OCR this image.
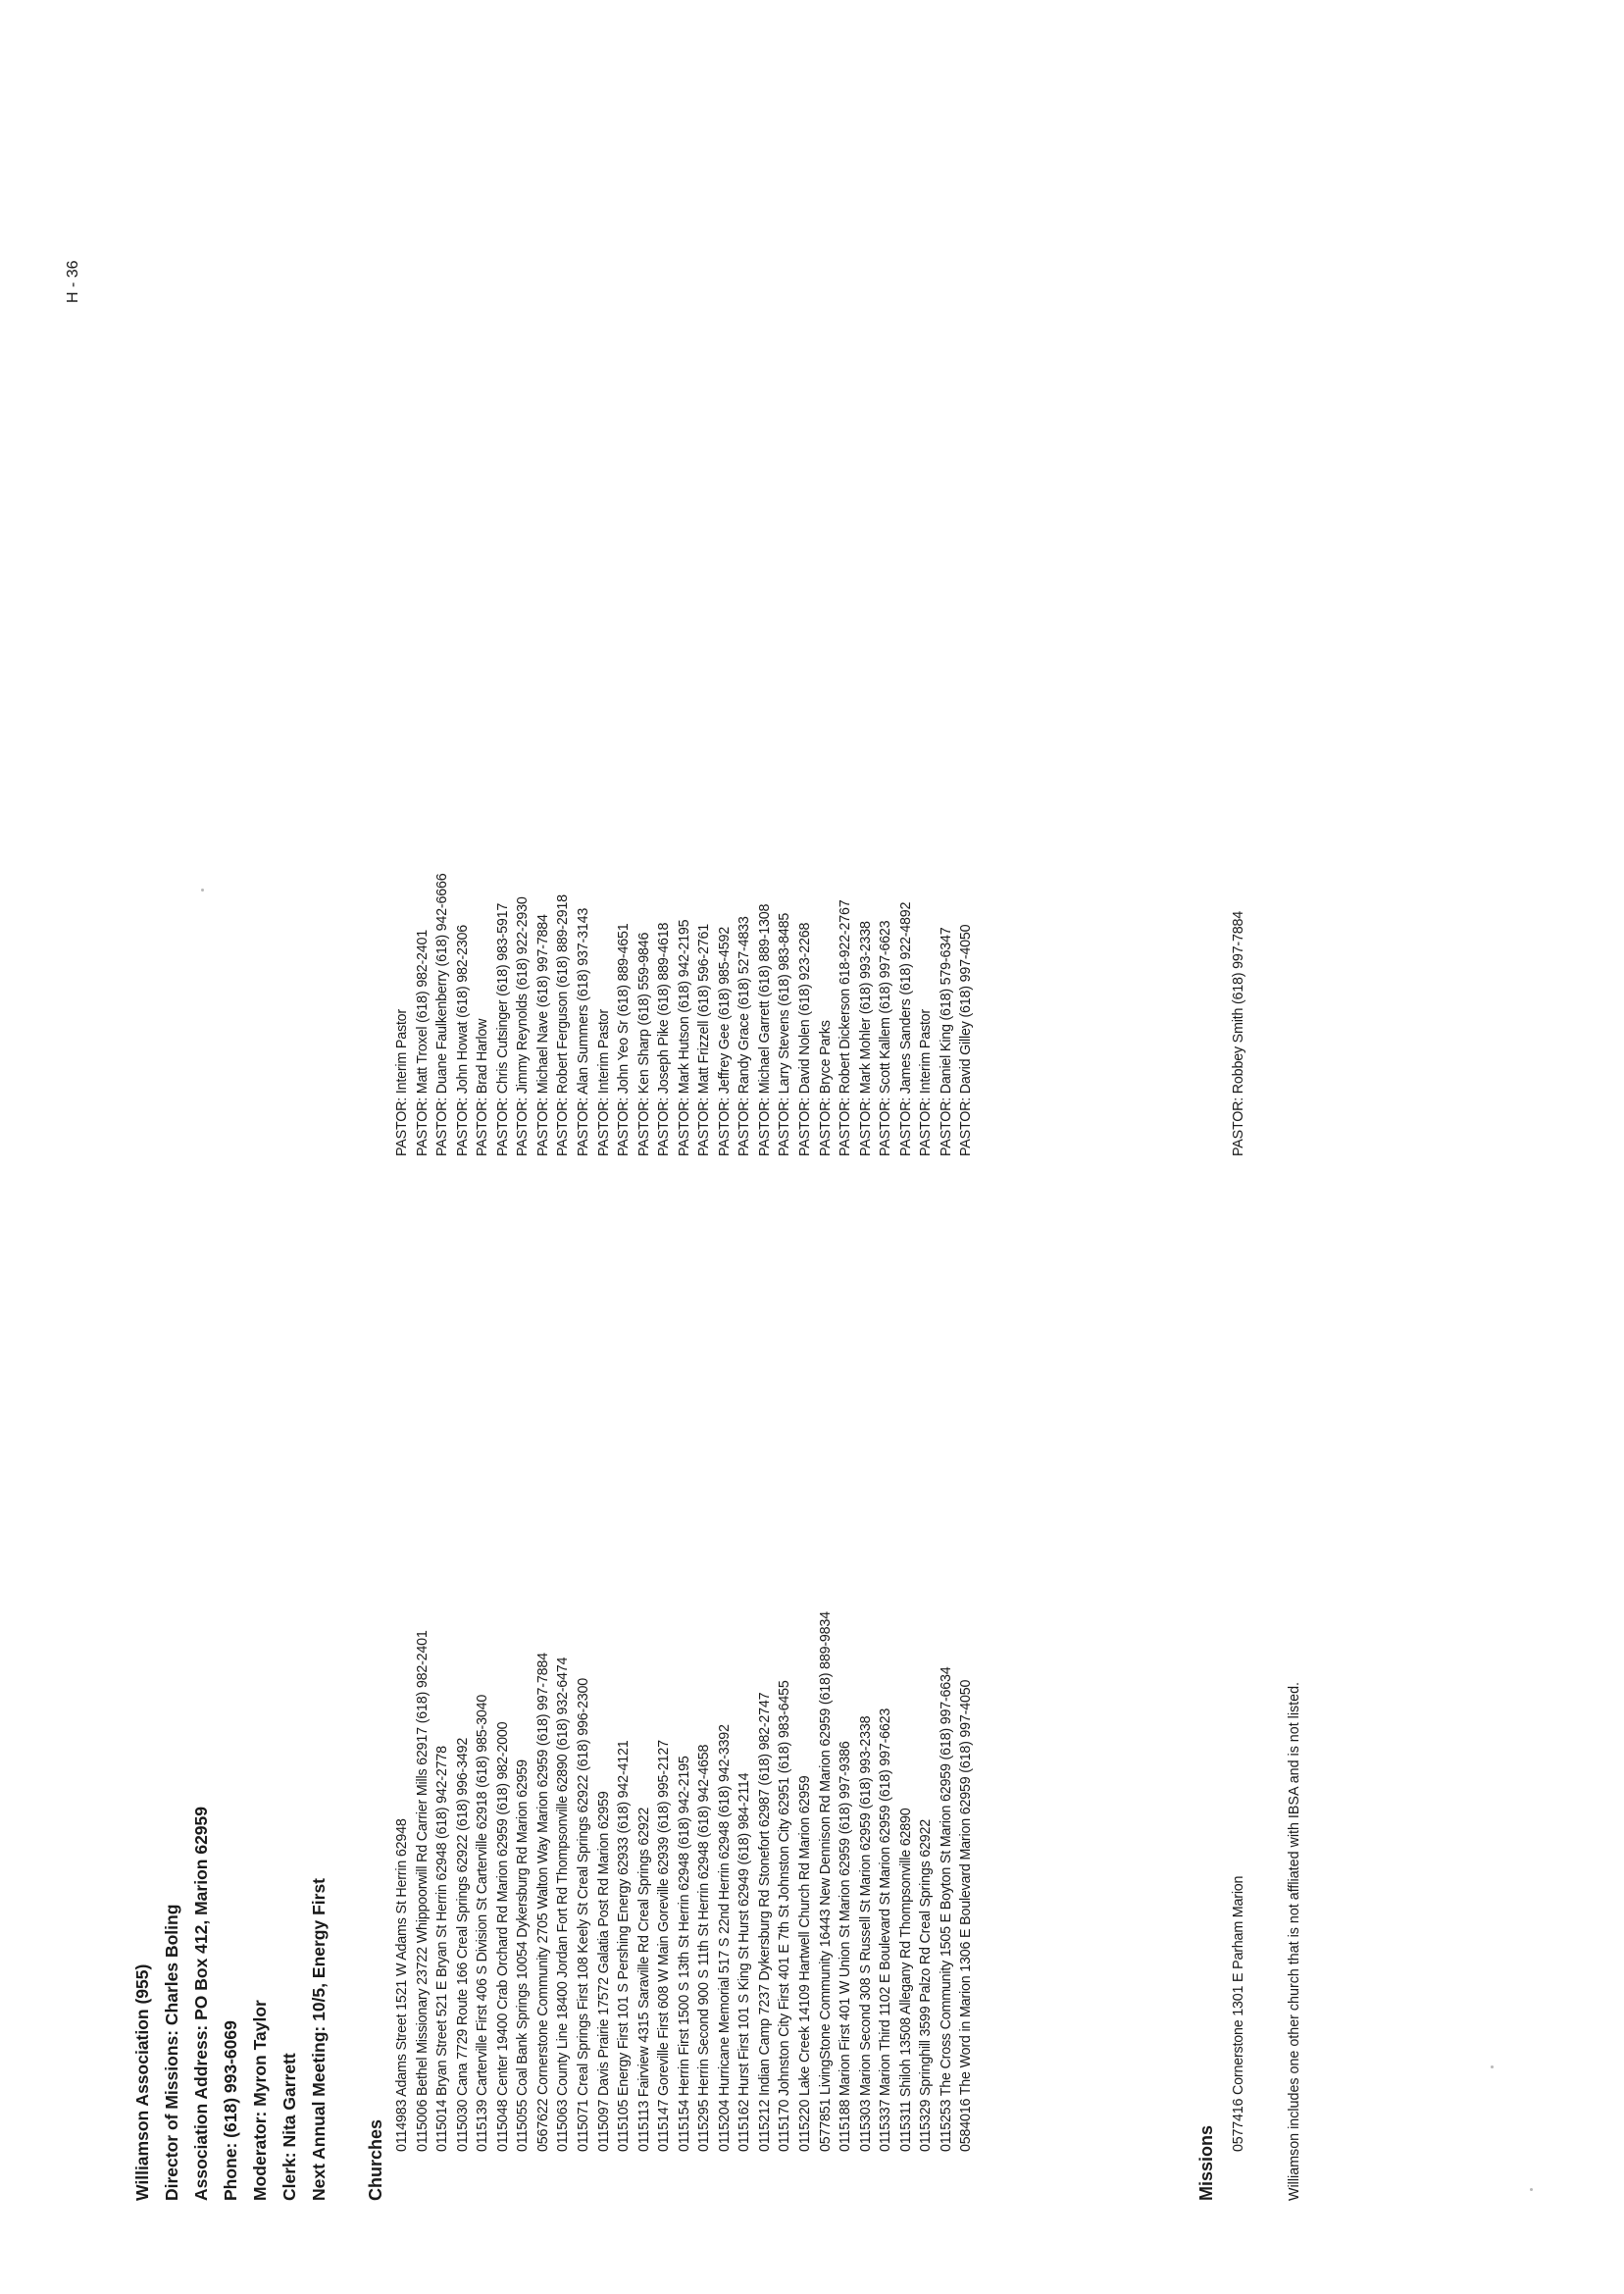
Williamson Association (955) Director of Missions: Charles Boling Association Address: PO Box 412, Marion 62959 Phone: (618) 993-6069 Moderator: Myron Taylor Clerk: Nita Garrett Next Annual Meeting: 10/5, Energy First Churches
0114983 Adams Street 1521 W Adams St Herrin 62948
PASTOR: Interim Pastor
0115006 Bethel Missionary 23722 Whippoorwill Rd Carrier Mills 62917 (618) 982-2401
PASTOR: Matt Troxel (618) 982-2401
0115014 Bryan Street 521 E Bryan St Herrin 62948 (618) 942-2778
PASTOR: Duane Faulkenberry (618) 942-6666
0115030 Cana 7729 Route 166 Creal Springs 62922 (618) 996-3492
PASTOR: John Howat (618) 982-2306
0115139 Carterville First 406 S Division St Carterville 62918 (618) 985-3040
PASTOR: Brad Harlow
0115048 Center 19400 Crab Orchard Rd Marion 62959 (618) 982-2000
PASTOR: Chris Cutsinger (618) 983-5917
0115055 Coal Bank Springs 10054 Dykersburg Rd Marion 62959
PASTOR: Jimmy Reynolds (618) 922-2930
0567622 Cornerstone Community 2705 Walton Way Marion 62959 (618) 997-7884
PASTOR: Michael Nave (618) 997-7884
0115063 County Line 18400 Jordan Fort Rd Thompsonville 62890 (618) 932-6474
PASTOR: Robert Ferguson (618) 889-2918
0115071 Creal Springs First 108 Keely St Creal Springs 62922 (618) 996-2300
PASTOR: Alan Summers (618) 937-3143
0115097 Davis Prairie 17572 Galatia Post Rd Marion 62959
PASTOR: Interim Pastor
0115105 Energy First 101 S Pershing Energy 62933 (618) 942-4121
PASTOR: John Yeo Sr (618) 889-4651
0115113 Fairview 4315 Saraville Rd Creal Springs 62922
PASTOR: Ken Sharp (618) 559-9846
0115147 Goreville First 608 W Main Goreville 62939 (618) 995-2127
PASTOR: Joseph Pike (618) 889-4618
0115154 Herrin First 1500 S 13th St Herrin 62948 (618) 942-2195
PASTOR: Mark Hutson (618) 942-2195
0115295 Herrin Second 900 S 11th St Herrin 62948 (618) 942-4658
PASTOR: Matt Frizzell (618) 596-2761
0115204 Hurricane Memorial 517 S 22nd Herrin 62948 (618) 942-3392
PASTOR: Jeffrey Gee (618) 985-4592
0115162 Hurst First 101 S King St Hurst 62949 (618) 984-2114
PASTOR: Randy Grace (618) 527-4833
0115212 Indian Camp 7237 Dykersburg Rd Stonefort 62987 (618) 982-2747
PASTOR: Michael Garrett (618) 889-1308
0115170 Johnston City First 401 E 7th St Johnston City 62951 (618) 983-6455
PASTOR: Larry Stevens (618) 983-8485
0115220 Lake Creek 14109 Hartwell Church Rd Marion 62959
PASTOR: David Nolen (618) 923-2268
0577851 LivingStone Community 16443 New Dennison Rd Marion 62959 (618) 889-9834
PASTOR: Bryce Parks
0115188 Marion First 401 W Union St Marion 62959 (618) 997-9386
PASTOR: Robert Dickerson 618-922-2767
0115303 Marion Second 308 S Russell St Marion 62959 (618) 993-2338
PASTOR: Mark Mohler (618) 993-2338
0115337 Marion Third 1102 E Boulevard St Marion 62959 (618) 997-6623
PASTOR: Scott Kallem (618) 997-6623
0115311 Shiloh 13508 Allegany Rd Thompsonville 62890
PASTOR: James Sanders (618) 922-4892
0115329 Springhill 3599 Palzo Rd Creal Springs 62922
PASTOR: Interim Pastor
0115253 The Cross Community 1505 E Boyton St Marion 62959 (618) 997-6634
PASTOR: Daniel King (618) 579-6347
0584016 The Word in Marion 1306 E Boulevard Marion 62959 (618) 997-4050
PASTOR: David Gilley (618) 997-4050
Missions
0577416 Cornerstone 1301 E Parham Marion
PASTOR: Robbey Smith (618) 997-7884
Williamson includes one other church that is not affliated with IBSA and is not listed.
H - 36
